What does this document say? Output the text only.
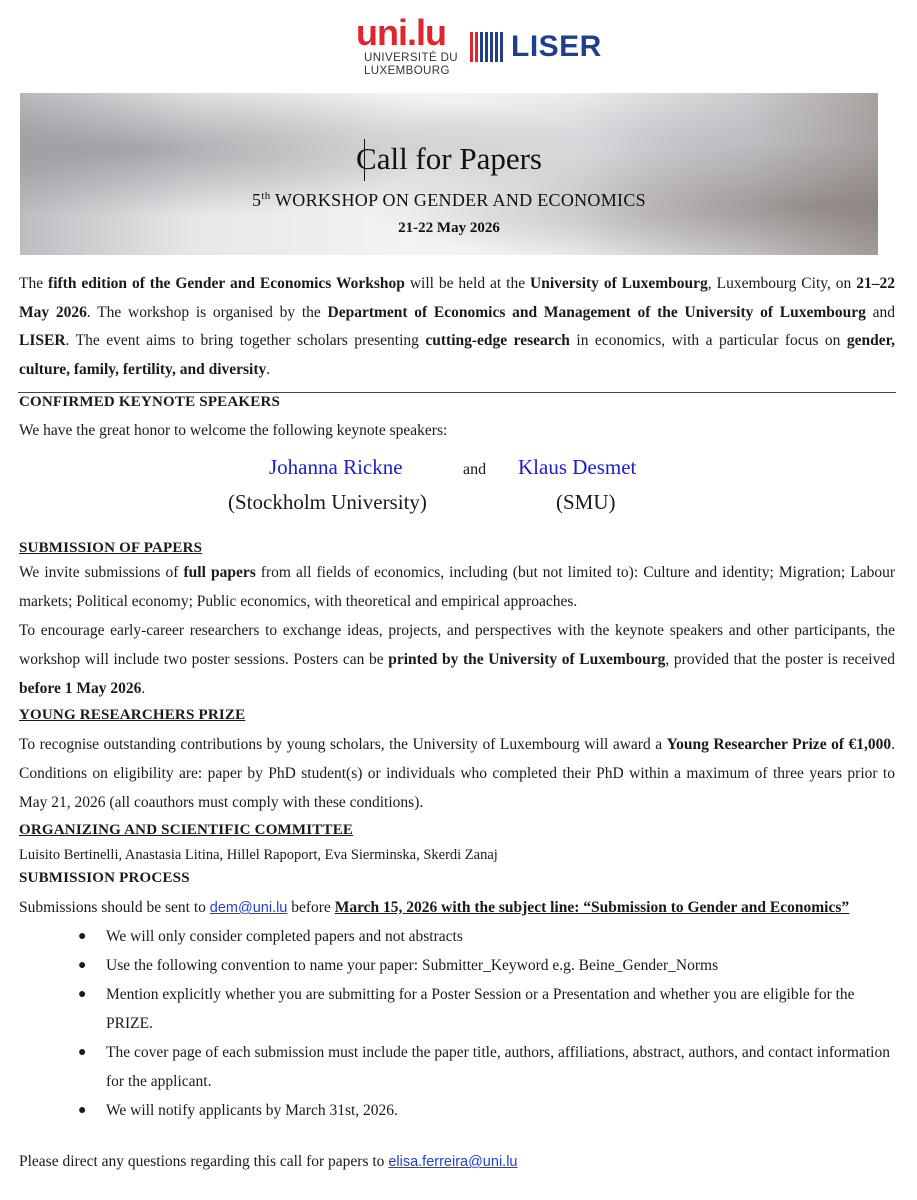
uni.lu
UNIVERSITÉ DU
LUXEMBOURG
LISER
Call for Papers
5th WORKSHOP ON GENDER AND ECONOMICS
21-22 May 2026
The fifth edition of the Gender and Economics Workshop will be held at the University of Luxembourg, Luxembourg City, on 21–22 May 2026. The workshop is organised by the Department of Economics and Management of the University of Luxembourg and LISER. The event aims to bring together scholars presenting cutting-edge research in economics, with a particular focus on gender, culture, family, fertility, and diversity.
CONFIRMED KEYNOTE SPEAKERS
We have the great honor to welcome the following keynote speakers:
Johanna Rickne	and Klaus Desmet
(Stockholm University)	(SMU)
SUBMISSION OF PAPERS
We invite submissions of full papers from all fields of economics, including (but not limited to): Culture and identity; Migration; Labour markets; Political economy; Public economics, with theoretical and empirical approaches.
To encourage early-career researchers to exchange ideas, projects, and perspectives with the keynote speakers and other participants, the workshop will include two poster sessions. Posters can be printed by the University of Luxembourg, provided that the poster is received before 1 May 2026.
YOUNG RESEARCHERS PRIZE
To recognise outstanding contributions by young scholars, the University of Luxembourg will award a Young Researcher Prize of €1,000. Conditions on eligibility are: paper by PhD student(s) or individuals who completed their PhD within a maximum of three years prior to May 21, 2026 (all coauthors must comply with these conditions).
ORGANIZING AND SCIENTIFIC COMMITTEE
Luisito Bertinelli, Anastasia Litina, Hillel Rapoport, Eva Sierminska, Skerdi Zanaj
SUBMISSION PROCESS
Submissions should be sent to dem@uni.lu before March 15, 2026 with the subject line: “Submission to Gender and Economics”
● We will only consider completed papers and not abstracts
● Use the following convention to name your paper: Submitter_Keyword e.g. Beine_Gender_Norms
● Mention explicitly whether you are submitting for a Poster Session or a Presentation and whether you are eligible for the PRIZE.
● The cover page of each submission must include the paper title, authors, affiliations, abstract, authors, and contact information for the applicant.
● We will notify applicants by March 31st, 2026.
Please direct any questions regarding this call for papers to elisa.ferreira@uni.lu
